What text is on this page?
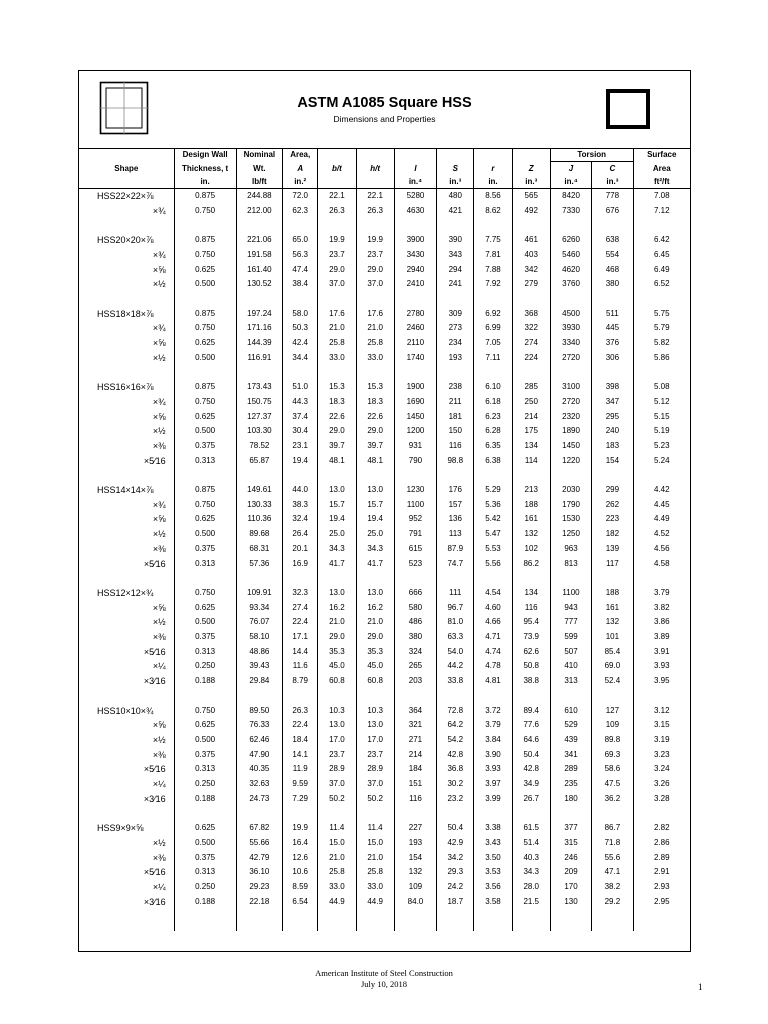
ASTM A1085 Square HSS
Dimensions and Properties
	Design Wall	Nominal	Area,							Torsion		Surface
Shape	Thickness, t	Wt.	A	b/t	h/t	I	S	r	Z	J	C	Area
	in.	lb/ft	in.²			in.⁴	in.³	in.	in.³	in.⁴	in.³	ft²/ft
HSS22×22×⅞	0.875	244.88	72.0	22.1	22.1	5280	480	8.56	565	8420	778	7.08
×¾	0.750	212.00	62.3	26.3	26.3	4630	421	8.62	492	7330	676	7.12

HSS20×20×⅞	0.875	221.06	65.0	19.9	19.9	3900	390	7.75	461	6260	638	6.42
×¾	0.750	191.58	56.3	23.7	23.7	3430	343	7.81	403	5460	554	6.45
×⅝	0.625	161.40	47.4	29.0	29.0	2940	294	7.88	342	4620	468	6.49
×½	0.500	130.52	38.4	37.0	37.0	2410	241	7.92	279	3760	380	6.52

HSS18×18×⅞	0.875	197.24	58.0	17.6	17.6	2780	309	6.92	368	4500	511	5.75
×¾	0.750	171.16	50.3	21.0	21.0	2460	273	6.99	322	3930	445	5.79
×⅝	0.625	144.39	42.4	25.8	25.8	2110	234	7.05	274	3340	376	5.82
×½	0.500	116.91	34.4	33.0	33.0	1740	193	7.11	224	2720	306	5.86

HSS16×16×⅞	0.875	173.43	51.0	15.3	15.3	1900	238	6.10	285	3100	398	5.08
×¾	0.750	150.75	44.3	18.3	18.3	1690	211	6.18	250	2720	347	5.12
×⅝	0.625	127.37	37.4	22.6	22.6	1450	181	6.23	214	2320	295	5.15
×½	0.500	103.30	30.4	29.0	29.0	1200	150	6.28	175	1890	240	5.19
×⅜	0.375	78.52	23.1	39.7	39.7	931	116	6.35	134	1450	183	5.23
×5⁄16	0.313	65.87	19.4	48.1	48.1	790	98.8	6.38	114	1220	154	5.24

HSS14×14×⅞	0.875	149.61	44.0	13.0	13.0	1230	176	5.29	213	2030	299	4.42
×¾	0.750	130.33	38.3	15.7	15.7	1100	157	5.36	188	1790	262	4.45
×⅝	0.625	110.36	32.4	19.4	19.4	952	136	5.42	161	1530	223	4.49
×½	0.500	89.68	26.4	25.0	25.0	791	113	5.47	132	1250	182	4.52
×⅜	0.375	68.31	20.1	34.3	34.3	615	87.9	5.53	102	963	139	4.56
×5⁄16	0.313	57.36	16.9	41.7	41.7	523	74.7	5.56	86.2	813	117	4.58

HSS12×12×¾	0.750	109.91	32.3	13.0	13.0	666	111	4.54	134	1100	188	3.79
×⅝	0.625	93.34	27.4	16.2	16.2	580	96.7	4.60	116	943	161	3.82
×½	0.500	76.07	22.4	21.0	21.0	486	81.0	4.66	95.4	777	132	3.86
×⅜	0.375	58.10	17.1	29.0	29.0	380	63.3	4.71	73.9	599	101	3.89
×5⁄16	0.313	48.86	14.4	35.3	35.3	324	54.0	4.74	62.6	507	85.4	3.91
×¼	0.250	39.43	11.6	45.0	45.0	265	44.2	4.78	50.8	410	69.0	3.93
×3⁄16	0.188	29.84	8.79	60.8	60.8	203	33.8	4.81	38.8	313	52.4	3.95

HSS10×10×¾	0.750	89.50	26.3	10.3	10.3	364	72.8	3.72	89.4	610	127	3.12
×⅝	0.625	76.33	22.4	13.0	13.0	321	64.2	3.79	77.6	529	109	3.15
×½	0.500	62.46	18.4	17.0	17.0	271	54.2	3.84	64.6	439	89.8	3.19
×⅜	0.375	47.90	14.1	23.7	23.7	214	42.8	3.90	50.4	341	69.3	3.23
×5⁄16	0.313	40.35	11.9	28.9	28.9	184	36.8	3.93	42.8	289	58.6	3.24
×¼	0.250	32.63	9.59	37.0	37.0	151	30.2	3.97	34.9	235	47.5	3.26
×3⁄16	0.188	24.73	7.29	50.2	50.2	116	23.2	3.99	26.7	180	36.2	3.28

HSS9×9×⅝	0.625	67.82	19.9	11.4	11.4	227	50.4	3.38	61.5	377	86.7	2.82
×½	0.500	55.66	16.4	15.0	15.0	193	42.9	3.43	51.4	315	71.8	2.86
×⅜	0.375	42.79	12.6	21.0	21.0	154	34.2	3.50	40.3	246	55.6	2.89
×5⁄16	0.313	36.10	10.6	25.8	25.8	132	29.3	3.53	34.3	209	47.1	2.91
×¼	0.250	29.23	8.59	33.0	33.0	109	24.2	3.56	28.0	170	38.2	2.93
×3⁄16	0.188	22.18	6.54	44.9	44.9	84.0	18.7	3.58	21.5	130	29.2	2.95

American Institute of Steel Construction
July 10, 2018	1
